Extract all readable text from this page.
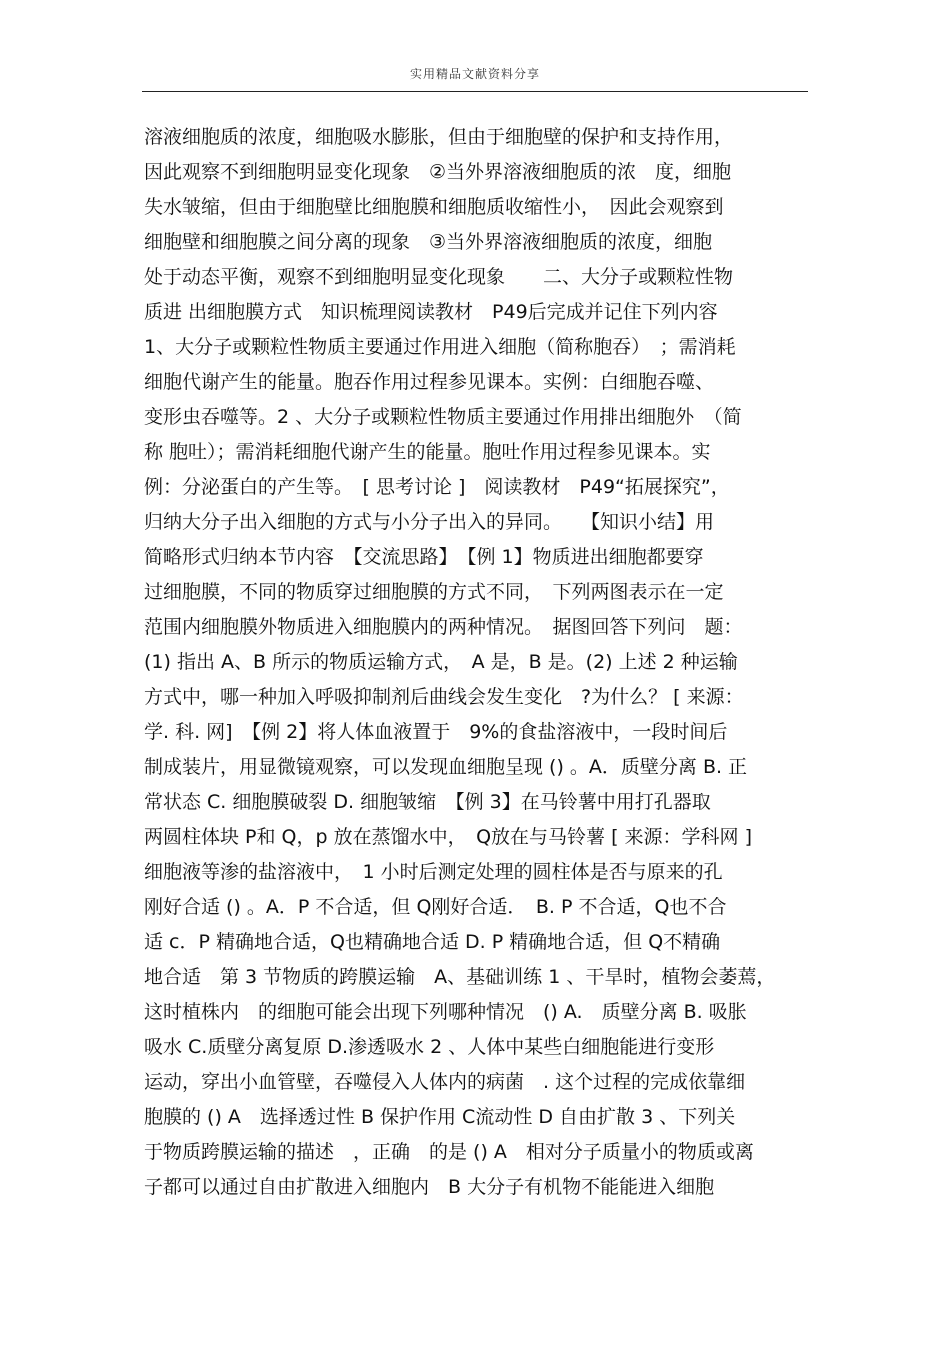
实用精品文献资料分享
溶液细胞质的浓度，细胞吸水膨胀，但由于细胞壁的保护和支持作用，
因此观察不到细胞明显变化现象　②当外界溶液细胞质的浓　度，细胞
失水皱缩，但由于细胞壁比细胞膜和细胞质收缩性小，　因此会观察到
细胞壁和细胞膜之间分离的现象　③当外界溶液细胞质的浓度，细胞
处于动态平衡，观察不到细胞明显变化现象　　二、大分子或颗粒性物
质进 出细胞膜方式　知识梳理阅读教材　P49后完成并记住下列内容
1、大分子或颗粒性物质主要通过作用进入细胞（简称胞吞）　；需消耗
细胞代谢产生的能量。胞吞作用过程参见课本。实例：白细胞吞噬、
变形虫吞噬等。2 、大分子或颗粒性物质主要通过作用排出细胞外　（简
称 胞吐）；需消耗细胞代谢产生的能量。胞吐作用过程参见课本。实
例：分泌蛋白的产生等。　[ 思考讨论 ]　阅读教材　P49“拓展探究”，
归纳大分子出入细胞的方式与小分子出入的异同。　　【知识小结】用
简略形式归纳本节内容　【交流思路】　【例 1】物质进出细胞都要穿
过细胞膜，不同的物质穿过细胞膜的方式不同，　下列两图表示在一定
范围内细胞膜外物质进入细胞膜内的两种情况。　据图回答下列问　题：
(1) 指出 A、B 所示的物质运输方式，　A 是，B 是。(2) 上述 2 种运输
方式中，哪一种加入呼吸抑制剂后曲线会发生变化　?为什么？ [ 来源：
学. 科. 网]　【例 2】将人体血液置于　9%的食盐溶液中，一段时间后
制成装片，用显微镜观察，可以发现血细胞呈现 () 。A．质壁分离 B. 正
常状态 C. 细胞膜破裂 D. 细胞皱缩　【例 3】在马铃薯中用打孔器取
两圆柱体块 P和 Q，p 放在蒸馏水中，　Q放在与马铃薯 [ 来源：学科网 ]
细胞液等渗的盐溶液中，　1 小时后测定处理的圆柱体是否与原来的孔
刚好合适 () 。A．P 不合适，但 Q刚好合适．　B. P 不合适，Q也不合
适 c．P 精确地合适，Q也精确地合适 D. P 精确地合适，但 Q不精确
地合适　第 3 节物质的跨膜运输　A、基础训练 1 、干旱时，植物会萎蔫，
这时植株内　的细胞可能会出现下列哪种情况　() A.　质壁分离 B. 吸胀
吸水 C.质壁分离复原 D.渗透吸水 2 、人体中某些白细胞能进行变形
运动，穿出小血管壁，吞噬侵入人体内的病菌　. 这个过程的完成依靠细
胞膜的 () A　选择透过性 B 保护作用 C流动性 D 自由扩散 3 、下列关
于物质跨膜运输的描述　，正确　的是 () A　相对分子质量小的物质或离
子都可以通过自由扩散进入细胞内　B 大分子有机物不能能进入细胞
